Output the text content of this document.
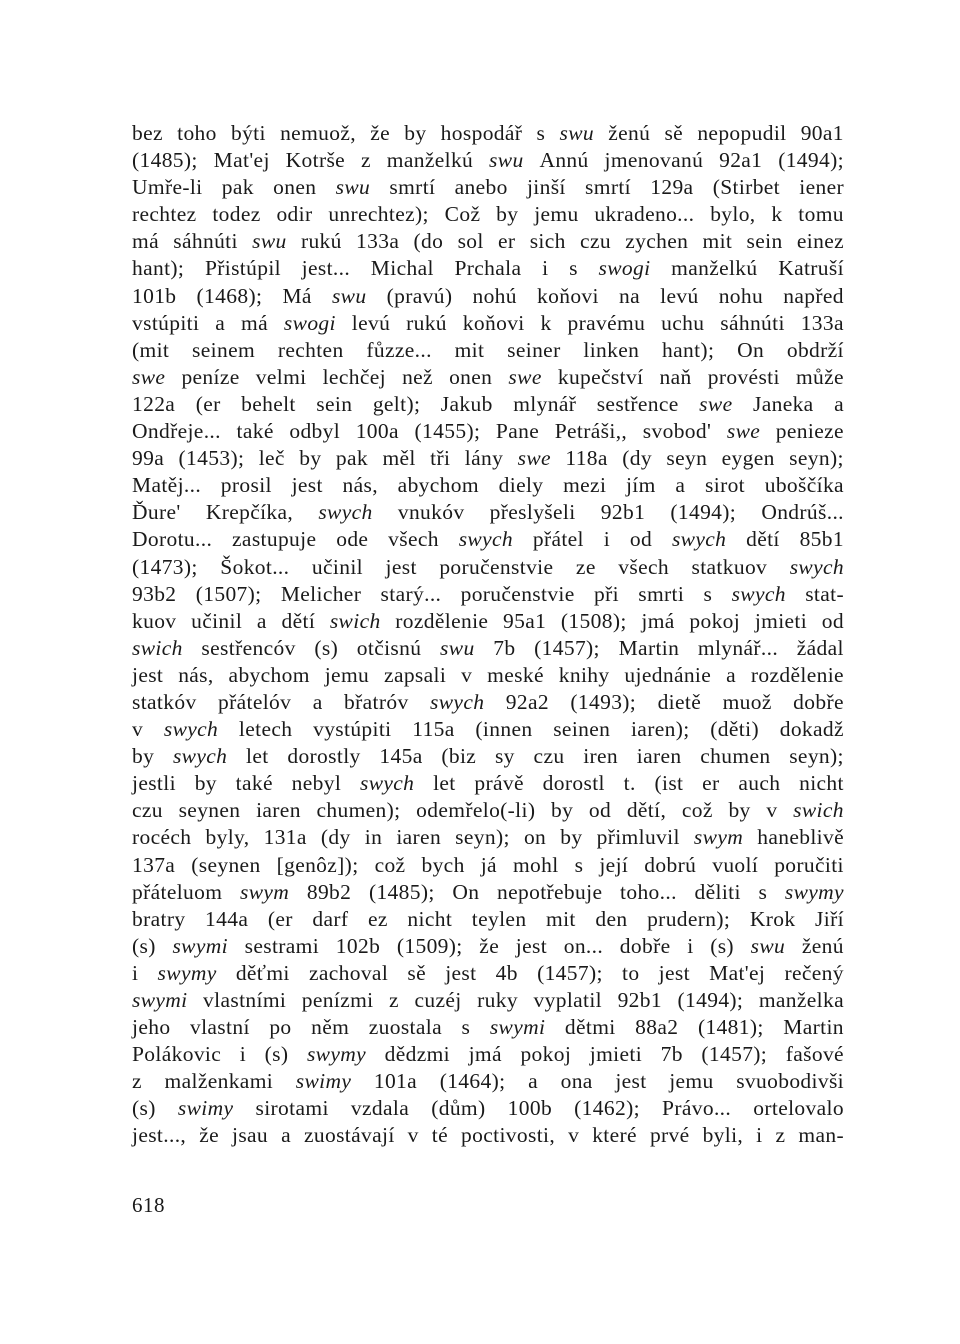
bez toho býti nemuož, že by hospodář s swu ženú sě nepopudil 90a1
(1485); Mat'ej Kotrše z manželkú swu Annú jmenovanú 92a1 (1494);
Umře-li pak onen swu smrtí anebo jinší smrtí 129a (Stirbet iener
rechtez todez odir unrechtez); Což by jemu ukradeno... bylo, k tomu
má sáhnúti swu rukú 133a (do sol er sich czu zychen mit sein einez
hant); Přistúpil jest... Michal Prchala i s swogi manželkú Katruší
101b (1468); Má swu (pravú) nohú koňovi na levú nohu napřed
vstúpiti a má swogi levú rukú koňovi k pravému uchu sáhnúti 133a
(mit seinem rechten fůzze... mit seiner linken hant); On obdrží
swe peníze velmi lechčej než onen swe kupečství naň provésti může
122a (er behelt sein gelt); Jakub mlynář sestřence swe Janeka a
Ondřeje... také odbyl 100a (1455); Pane Petráši,, svobod' swe penieze
99a (1453); leč by pak měl tři lány swe 118a (dy seyn eygen seyn);
Matěj... prosil jest nás, abychom diely mezi jím a sirot uboščíka
Ďure' Krepčíka, swych vnukóv přeslyšeli 92b1 (1494); Ondrúš...
Dorotu... zastupuje ode všech swych přátel i od swych dětí 85b1
(1473); Šokot... učinil jest poručenstvie ze všech statkuov swych
93b2 (1507); Melicher starý... poručenstvie při smrti s swych stat-
kuov učinil a dětí swich rozdělenie 95a1 (1508); jmá pokoj jmieti od
swich sestřencóv (s) otčisnú swu 7b (1457); Martin mlynář... žádal
jest nás, abychom jemu zapsali v meské knihy ujednánie a rozdělenie
statkóv přátelóv a břatróv swych 92a2 (1493); dietě muož dobře
v swych letech vystúpiti 115a (innen seinen iaren); (děti) dokadž
by swych let dorostly 145a (biz sy czu iren iaren chumen seyn);
jestli by také nebyl swych let právě dorostl t. (ist er auch nicht
czu seynen iaren chumen); odemřelo(-li) by od dětí, což by v swich
rocéch byly, 131a (dy in iaren seyn); on by přimluvil swym haneblivě
137a (seynen [genôz]); což bych já mohl s její dobrú vuolí poručiti
přáteluom swym 89b2 (1485); On nepotřebuje toho... děliti s swymy
bratry 144a (er darf ez nicht teylen mit den prudern); Krok Jiří
(s) swymi sestrami 102b (1509); že jest on... dobře i (s) swu ženú
i swymy děťmi zachoval sě jest 4b (1457); to jest Mat'ej rečený
swymi vlastními penízmi z cuzéj ruky vyplatil 92b1 (1494); manželka
jeho vlastní po něm zuostala s swymi dětmi 88a2 (1481); Martin
Polákovic i (s) swymy dědzmi jmá pokoj jmieti 7b (1457); fašové
z malženkami swimy 101a (1464); a ona jest jemu svuobodivši
(s) swimy sirotami vzdala (dům) 100b (1462); Právo... ortelovalo
jest..., že jsau a zuostávají v té poctivosti, v které prvé byli, i z man-
618
